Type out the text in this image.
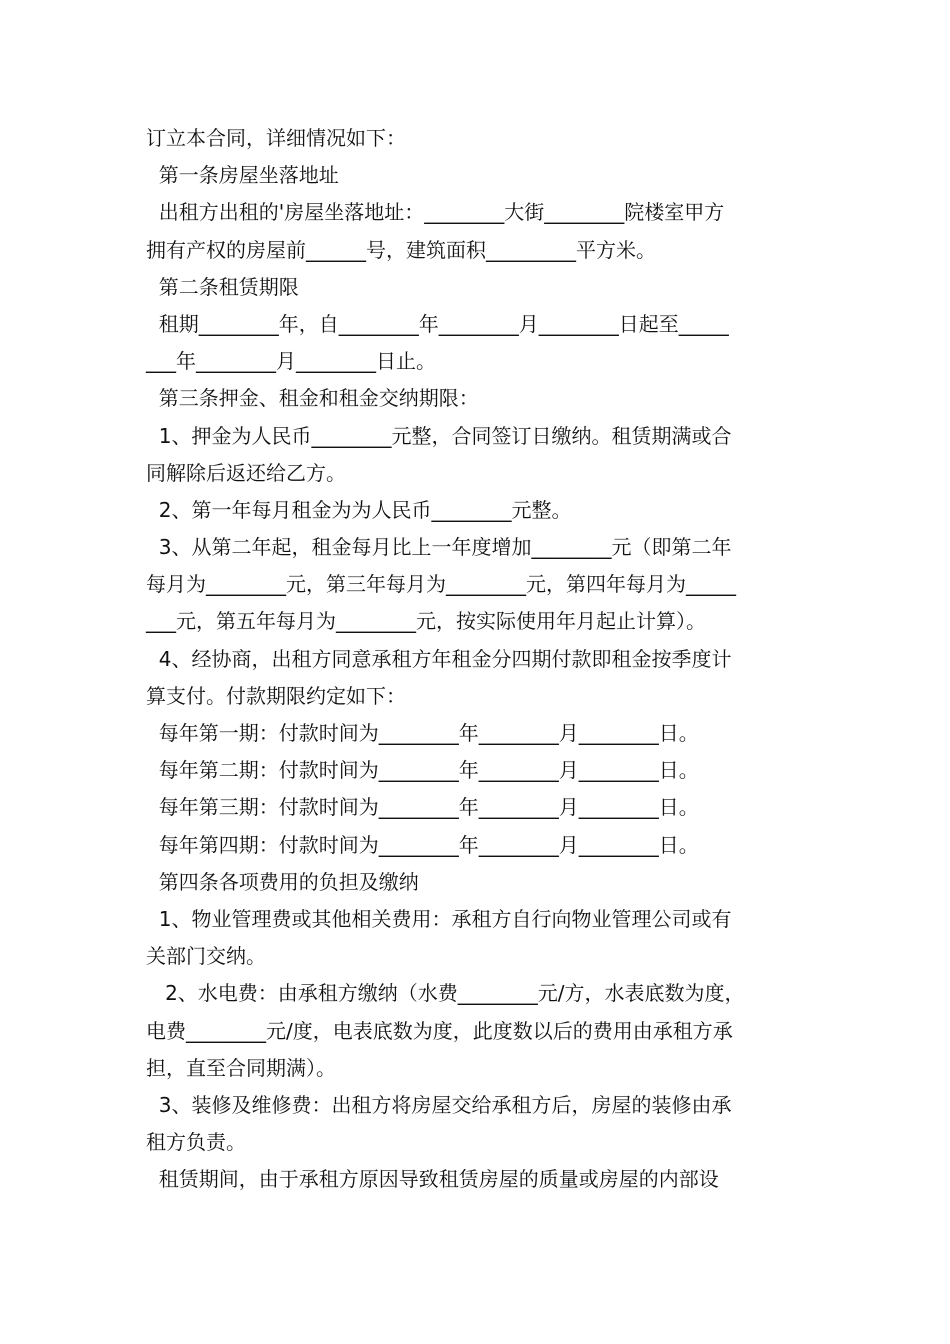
订立本合同，详细情况如下：
第一条房屋坐落地址
出租方出租的'房屋坐落地址：________大街________院楼室甲方
拥有产权的房屋前______号，建筑面积_________平方米。
第二条租赁期限
租期________年，自________年________月________日起至_____
___年________月________日止。
第三条押金、租金和租金交纳期限：
1、押金为人民币________元整，合同签订日缴纳。租赁期满或合
同解除后返还给乙方。
2、第一年每月租金为为人民币________元整。
3、从第二年起，租金每月比上一年度增加________元（即第二年
每月为________元，第三年每月为________元，第四年每月为_____
___元，第五年每月为________元，按实际使用年月起止计算）。
4、经协商，出租方同意承租方年租金分四期付款即租金按季度计
算支付。付款期限约定如下：
每年第一期：付款时间为________年________月________日。
每年第二期：付款时间为________年________月________日。
每年第三期：付款时间为________年________月________日。
每年第四期：付款时间为________年________月________日。
第四条各项费用的负担及缴纳
1、物业管理费或其他相关费用：承租方自行向物业管理公司或有
关部门交纳。
2、水电费：由承租方缴纳（水费________元/方，水表底数为度，
电费________元/度，电表底数为度，此度数以后的费用由承租方承
担，直至合同期满）。
3、装修及维修费：出租方将房屋交给承租方后，房屋的装修由承
租方负责。
租赁期间，由于承租方原因导致租赁房屋的质量或房屋的内部设
